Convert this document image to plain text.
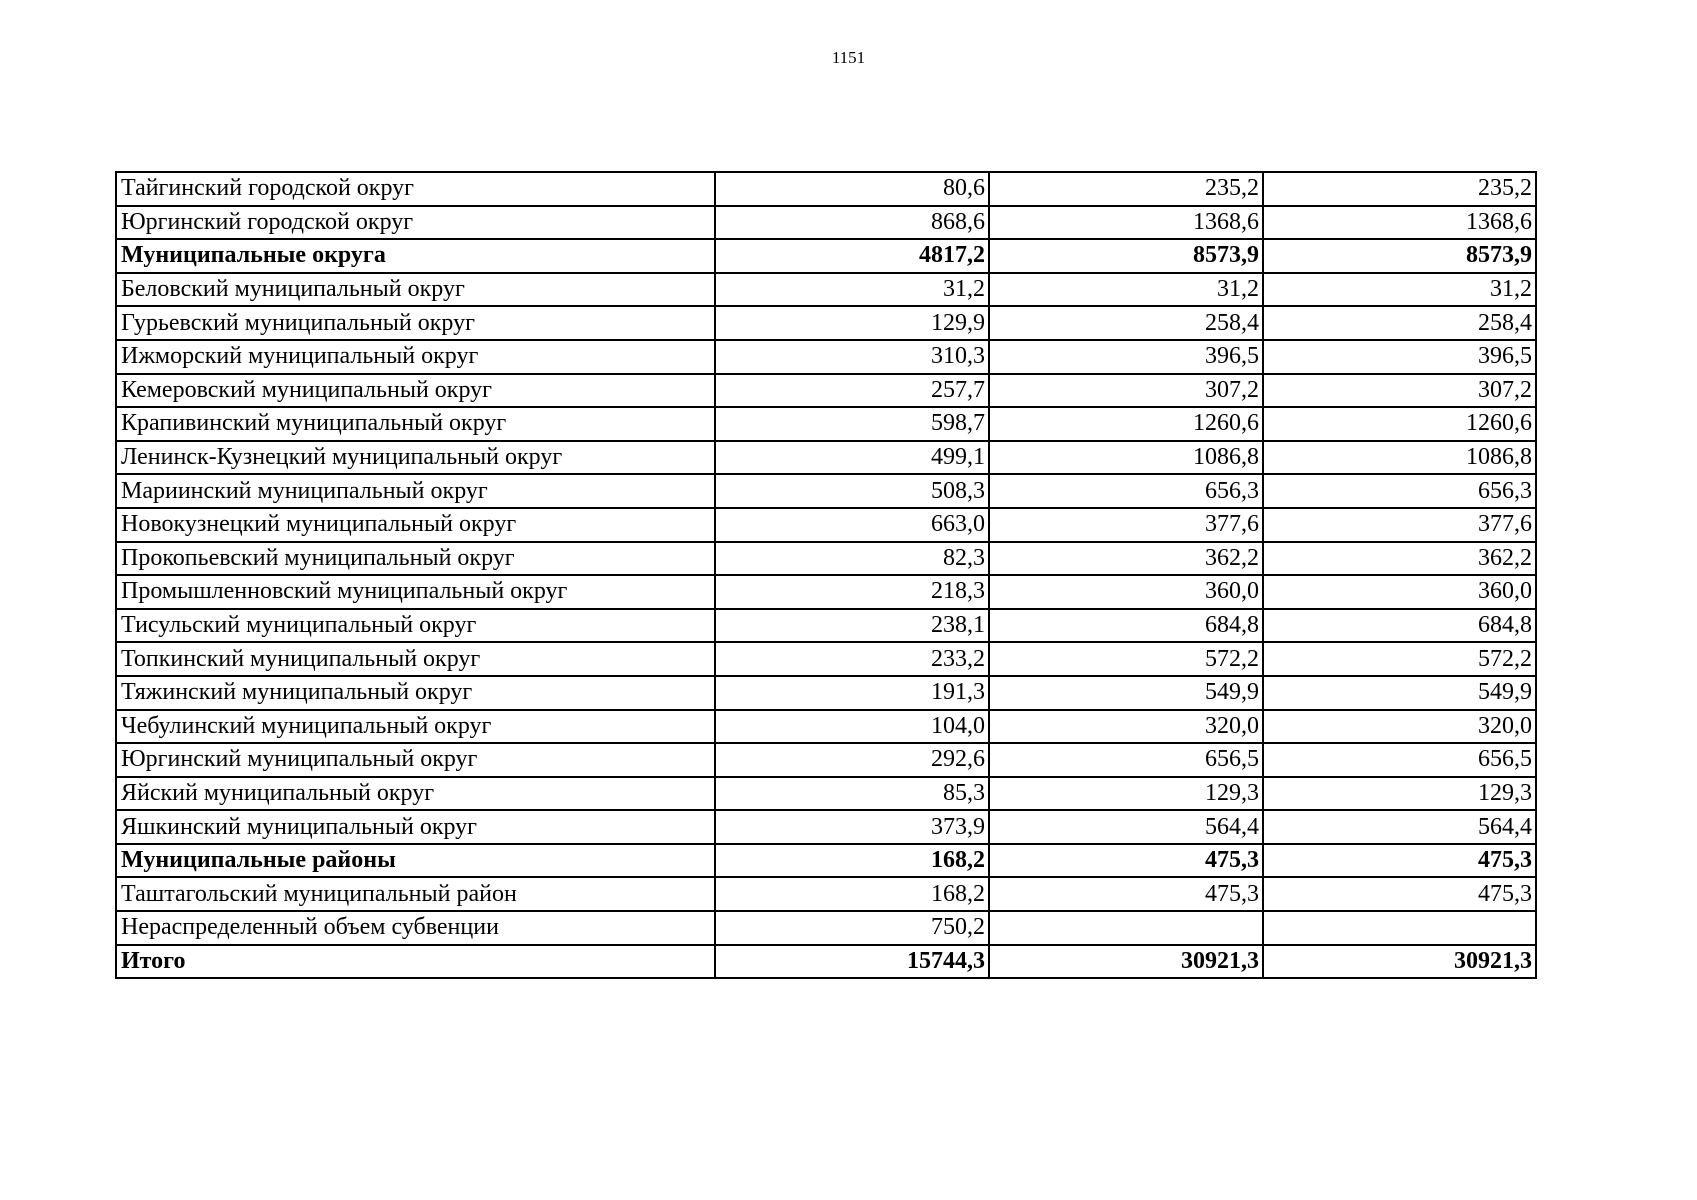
1151
Тайгинский городской округ	80,6	235,2	235,2
Юргинский городской округ	868,6	1368,6	1368,6
Муниципальные округа	4817,2	8573,9	8573,9
Беловский муниципальный округ	31,2	31,2	31,2
Гурьевский муниципальный округ	129,9	258,4	258,4
Ижморский муниципальный округ	310,3	396,5	396,5
Кемеровский муниципальный округ	257,7	307,2	307,2
Крапивинский муниципальный округ	598,7	1260,6	1260,6
Ленинск-Кузнецкий муниципальный округ	499,1	1086,8	1086,8
Мариинский муниципальный округ	508,3	656,3	656,3
Новокузнецкий муниципальный округ	663,0	377,6	377,6
Прокопьевский муниципальный округ	82,3	362,2	362,2
Промышленновский муниципальный округ	218,3	360,0	360,0
Тисульский муниципальный округ	238,1	684,8	684,8
Топкинский муниципальный округ	233,2	572,2	572,2
Тяжинский муниципальный округ	191,3	549,9	549,9
Чебулинский муниципальный округ	104,0	320,0	320,0
Юргинский муниципальный округ	292,6	656,5	656,5
Яйский муниципальный округ	85,3	129,3	129,3
Яшкинский муниципальный округ	373,9	564,4	564,4
Муниципальные районы	168,2	475,3	475,3
Таштагольский муниципальный район	168,2	475,3	475,3
Нераспределенный объем субвенции	750,2		
Итого	15744,3	30921,3	30921,3
